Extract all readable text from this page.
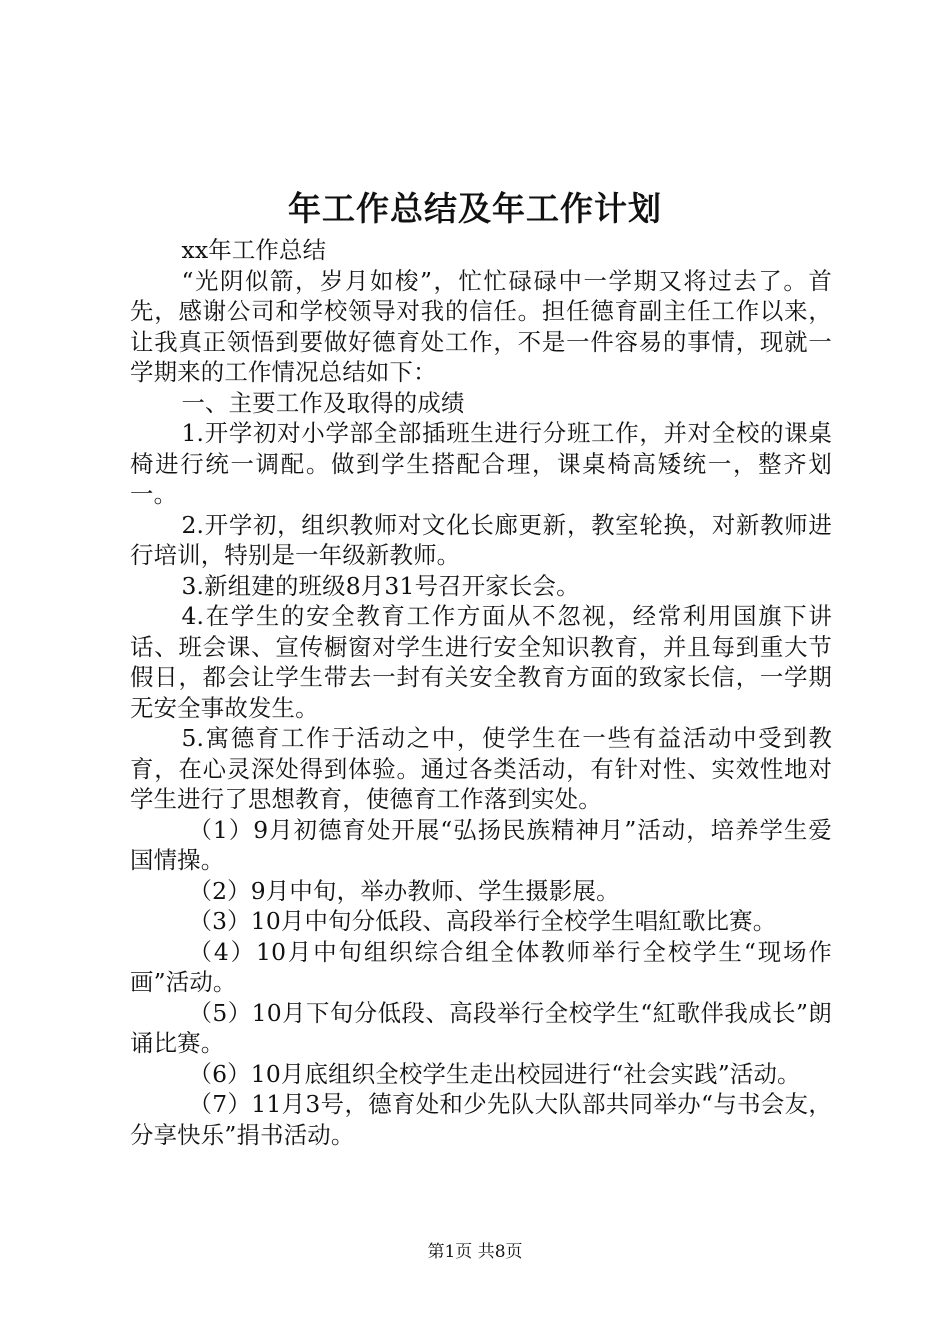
年工作总结及年工作计划

xx年工作总结

“光阴似箭，岁月如梭”，忙忙碌碌中一学期又将过去了。首先，感谢公司和学校领导对我的信任。担任德育副主任工作以来，让我真正领悟到要做好德育处工作，不是一件容易的事情，现就一学期来的工作情况总结如下：

一、主要工作及取得的成绩

1.开学初对小学部全部插班生进行分班工作，并对全校的课桌椅进行统一调配。做到学生搭配合理，课桌椅高矮统一，整齐划一。

2.开学初，组织教师对文化长廊更新，教室轮换，对新教师进行培训，特别是一年级新教师。

3.新组建的班级8月31号召开家长会。

4.在学生的安全教育工作方面从不忽视，经常利用国旗下讲话、班会课、宣传橱窗对学生进行安全知识教育，并且每到重大节假日，都会让学生带去一封有关安全教育方面的致家长信，一学期无安全事故发生。

5.寓德育工作于活动之中，使学生在一些有益活动中受到教育，在心灵深处得到体验。通过各类活动，有针对性、实效性地对学生进行了思想教育，使德育工作落到实处。

（1）9月初德育处开展“弘扬民族精神月”活动，培养学生爱国情操。

（2）9月中旬，举办教师、学生摄影展。

（3）10月中旬分低段、高段举行全校学生唱紅歌比赛。

（4）10月中旬组织综合组全体教师举行全校学生“现场作画”活动。

（5）10月下旬分低段、高段举行全校学生“紅歌伴我成长”朗诵比赛。

（6）10月底组织全校学生走出校园进行“社会实践”活动。

（7）11月3号，德育处和少先队大队部共同举办“与书会友，分享快乐”捐书活动。

第1页 共8页
